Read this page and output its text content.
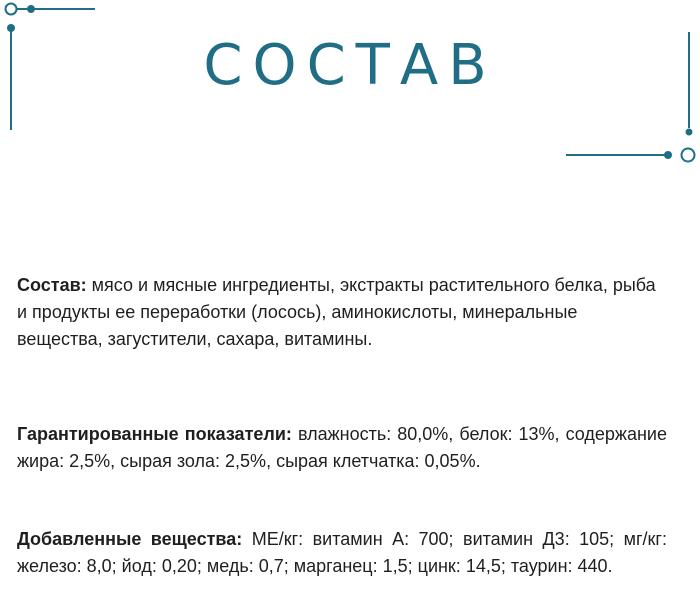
СОСТАВ

Состав: мясо и мясные ингредиенты, экстракты растительного белка, рыба и продукты ее переработки (лосось), аминокислоты, минеральные вещества, загустители, сахара, витамины.

Гарантированные показатели: влажность: 80,0%, белок: 13%, содержание жира: 2,5%, сырая зола: 2,5%, сырая клетчатка: 0,05%.

Добавленные вещества: МЕ/кг: витамин А: 700; витамин Д3: 105; мг/кг: железо: 8,0; йод: 0,20; медь: 0,7; марганец: 1,5; цинк: 14,5; таурин: 440.
